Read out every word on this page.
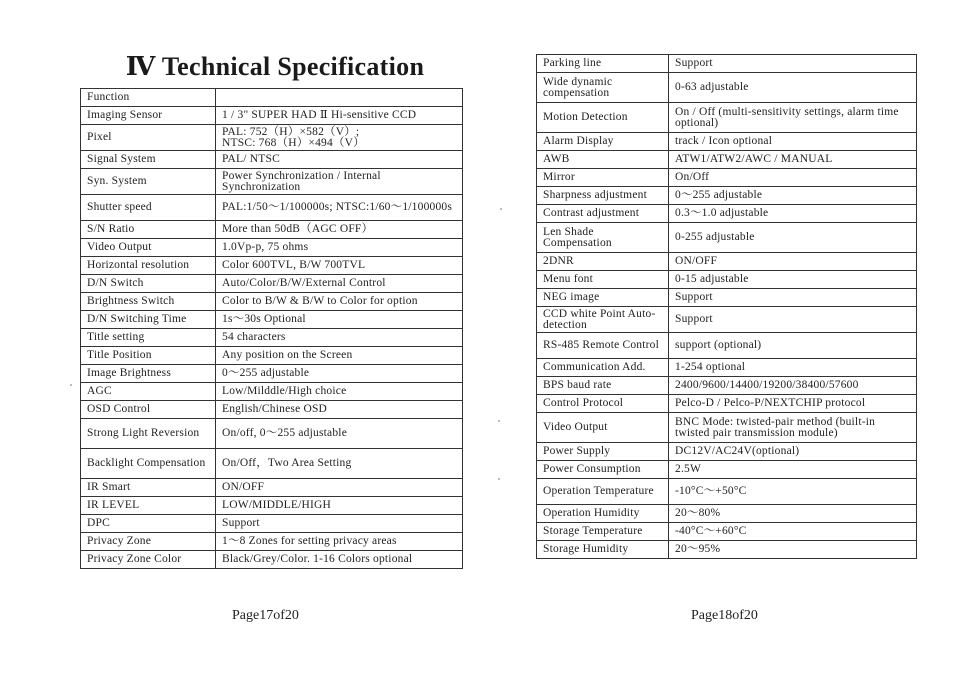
Ⅳ Technical Specification
Function	
Imaging Sensor	1 / 3" SUPER HAD Ⅱ Hi-sensitive CCD
Pixel	PAL: 752（H）×582（V）;
NTSC: 768（H）×494（V）
Signal System	PAL/ NTSC
Syn. System	Power Synchronization / Internal Synchronization
Shutter speed	PAL:1/50～1/100000s; NTSC:1/60～1/100000s
S/N Ratio	More than 50dB（AGC OFF）
Video Output	1.0Vp-p, 75 ohms
Horizontal resolution	Color 600TVL, B/W 700TVL
D/N Switch	Auto/Color/B/W/External Control
Brightness Switch	Color to B/W & B/W to Color for option
D/N Switching Time	1s～30s Optional
Title setting	54 characters
Title Position	Any position on the Screen
Image Brightness	0～255 adjustable
AGC	Low/Milddle/High choice
OSD Control	English/Chinese OSD
Strong Light Reversion	On/off, 0～255 adjustable
Backlight Compensation	On/Off，Two Area Setting
IR Smart	ON/OFF
IR LEVEL	LOW/MIDDLE/HIGH
DPC	Support
Privacy Zone	1～8 Zones for setting privacy areas
Privacy Zone Color	Black/Grey/Color. 1-16 Colors optional
Parking line	Support
Wide dynamic compensation	0-63 adjustable
Motion Detection	On / Off (multi-sensitivity settings, alarm time optional)
Alarm Display	track / Icon optional
AWB	ATW1/ATW2/AWC / MANUAL
Mirror	On/Off
Sharpness adjustment	0～255 adjustable
Contrast adjustment	0.3～1.0 adjustable
Len Shade Compensation	0-255 adjustable
2DNR	ON/OFF
Menu font	0-15 adjustable
NEG image	Support
CCD white Point Auto-detection	Support
RS-485 Remote Control	support (optional)
Communication Add.	1-254 optional
BPS baud rate	2400/9600/14400/19200/38400/57600
Control Protocol	Pelco-D / Pelco-P/NEXTCHIP protocol
Video Output	BNC Mode: twisted-pair method (built-in twisted pair transmission module)
Power Supply	DC12V/AC24V(optional)
Power Consumption	2.5W
Operation Temperature	-10°C～+50°C
Operation Humidity	20～80%
Storage Temperature	-40°C～+60°C
Storage Humidity	20～95%
Page17of20	Page18of20
